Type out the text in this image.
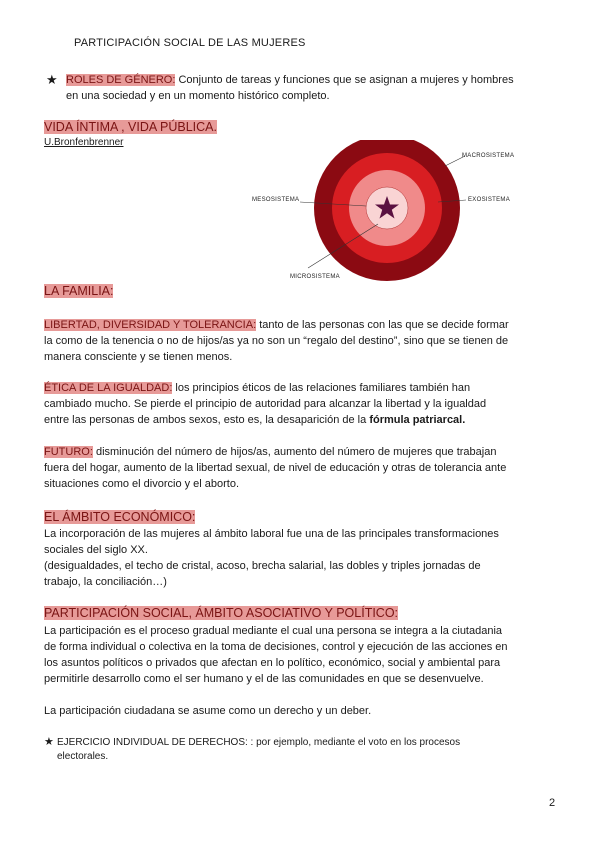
PARTICIPACIÓN SOCIAL DE LAS MUJERES
★ ROLES DE GÉNERO: Conjunto de tareas y funciones que se asignan a mujeres y hombres
en una sociedad y en un momento histórico completo.
VIDA ÍNTIMA , VIDA PÚBLICA.
U.Bronfenbrenner
MACROSISTEMA
MESOSISTEMA	EXOSISTEMA
MICROSISTEMA
LA FAMILIA:
LIBERTAD, DIVERSIDAD Y TOLERANCIA: tanto de las personas con las que se decide formar
la como de la tenencia o no de hijos/as ya no son un “regalo del destino”, sino que se tienen de
manera consciente y se tienen menos.
ÉTICA DE LA IGUALDAD: los principios éticos de las relaciones familiares también han
cambiado mucho. Se pierde el principio de autoridad para alcanzar la libertad y la igualdad
entre las personas de ambos sexos, esto es, la desaparición de la fórmula patriarcal.
FUTURO: disminución del número de hijos/as, aumento del número de mujeres que trabajan
fuera del hogar, aumento de la libertad sexual, de nivel de educación y otras de tolerancia ante
situaciones como el divorcio y el aborto.
EL ÁMBITO ECONÓMICO:
La incorporación de las mujeres al ámbito laboral fue una de las principales transformaciones
sociales del siglo XX.
(desigualdades, el techo de cristal, acoso, brecha salarial, las dobles y triples jornadas de
trabajo, la conciliación…)
PARTICIPACIÓN SOCIAL, ÁMBITO ASOCIATIVO Y POLÍTICO:
La participación es el proceso gradual mediante el cual una persona se integra a la ciutadania
de forma individual o colectiva en la toma de decisiones, control y ejecución de las acciones en
los asuntos políticos o privados que afectan en lo político, económico, social y ambiental para
permitirle desarrollo como el ser humano y el de las comunidades en que se desenvuelve.
La participación ciudadana se asume como un derecho y un deber.
★ EJERCICIO INDIVIDUAL DE DERECHOS: : por ejemplo, mediante el voto en los procesos
electorales.
2
